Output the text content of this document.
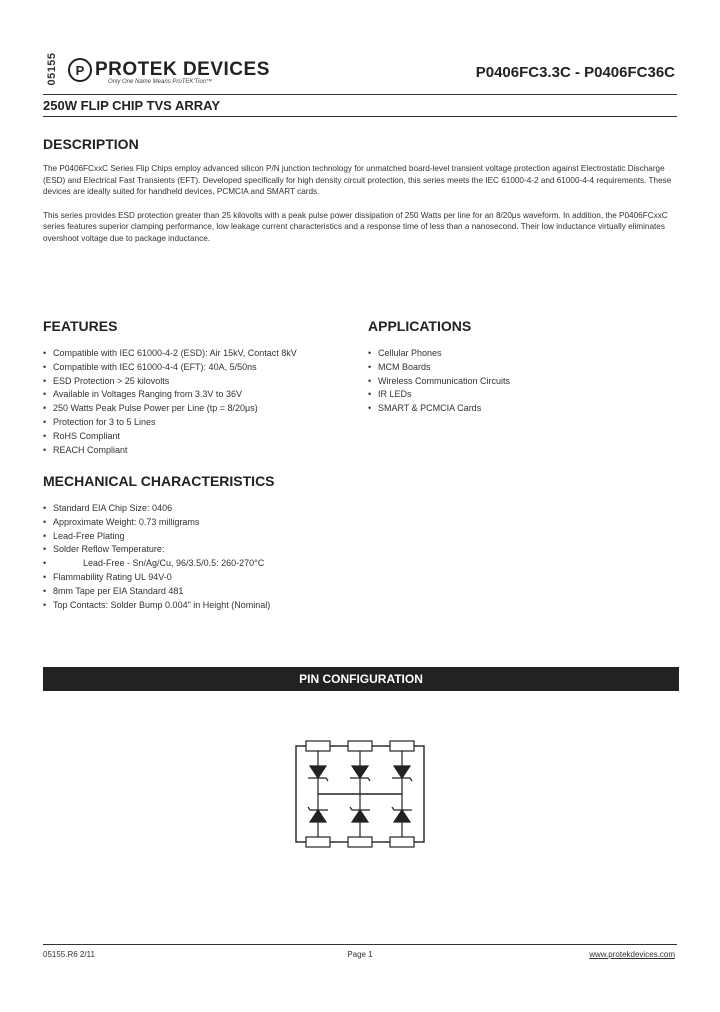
05155	P PROTEK DEVICES
Only One Name Means ProTEK'Tion™
P0406FC3.3C - P0406FC36C
250W FLIP CHIP TVS ARRAY
DESCRIPTION

The P0406FCxxC Series Flip Chips employ advanced silicon P/N junction technology for unmatched board-level transient voltage protection against Electrostatic Discharge (ESD) and Electrical Fast Transients (EFT). Developed specifically for high density circuit protection, this series meets the IEC 61000-4-2 and 61000-4-4 requirements. These devices are ideally suited for handheld devices, PCMCIA and SMART cards.

This series provides ESD protection greater than 25 kilovolts with a peak pulse power dissipation of 250 Watts per line for an 8/20μs waveform. In addition, the P0406FCxxC series features superior clamping performance, low leakage current characteristics and a response time of less than a nanosecond. Their low inductance virtually eliminates overshoot voltage due to package inductance.

FEATURES
• Compatible with IEC 61000-4-2 (ESD): Air 15kV, Contact 8kV
• Compatible with IEC 61000-4-4 (EFT): 40A, 5/50ns
• ESD Protection > 25 kilovolts
• Available in Voltages Ranging from 3.3V to 36V
• 250 Watts Peak Pulse Power per Line (tp = 8/20μs)
• Protection for 3 to 5 Lines
• RoHS Compliant
• REACH Compliant
APPLICATIONS
• Cellular Phones
• MCM Boards
• Wireless Communication Circuits
• IR LEDs
• SMART & PCMCIA Cards
MECHANICAL CHARACTERISTICS
• Standard EIA Chip Size: 0406
• Approximate Weight: 0.73 milligrams
• Lead-Free Plating
• Solder Reflow Temperature:
• Lead-Free - Sn/Ag/Cu, 96/3.5/0.5: 260-270°C
• Flammability Rating UL 94V-0
• 8mm Tape per EIA Standard 481
• Top Contacts: Solder Bump 0.004" in Height (Nominal)
PIN CONFIGURATION
05155.R6 2/11	Page 1	www.protekdevices.com
